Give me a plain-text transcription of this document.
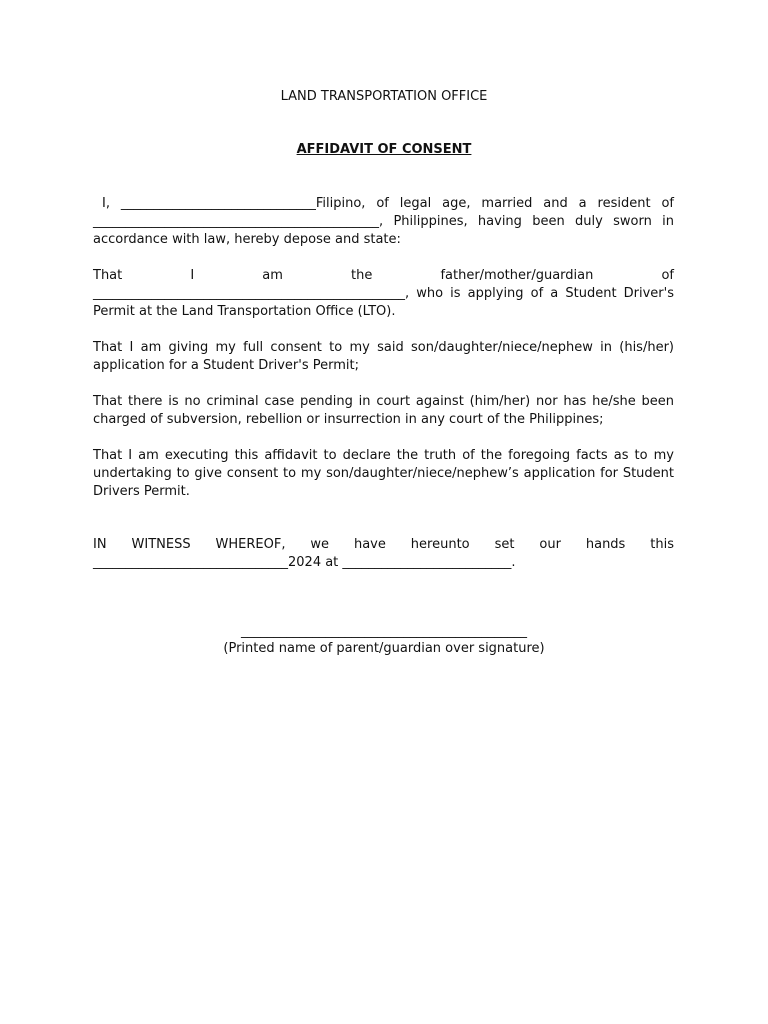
LAND TRANSPORTATION OFFICE
AFFIDAVIT OF CONSENT

I, ______________________________Filipino, of legal age, married and a resident of ____________________________________________, Philippines, having been duly sworn in accordance with law, hereby depose and state:

That I am the father/mother/guardian of ________________________________________________, who is applying of a Student Driver's Permit at the Land Transportation Office (LTO).

That I am giving my full consent to my said son/daughter/niece/nephew in (his/her) application for a Student Driver's Permit;

That there is no criminal case pending in court against (him/her) nor has he/she been charged of subversion, rebellion or insurrection in any court of the Philippines;

That I am executing this affidavit to declare the truth of the foregoing facts as to my undertaking to give consent to my son/daughter/niece/nephew’s application for Student Drivers Permit.

IN WITNESS WHEREOF, we have hereunto set our hands this ______________________________2024 at __________________________.

____________________________________________
(Printed name of parent/guardian over signature)
